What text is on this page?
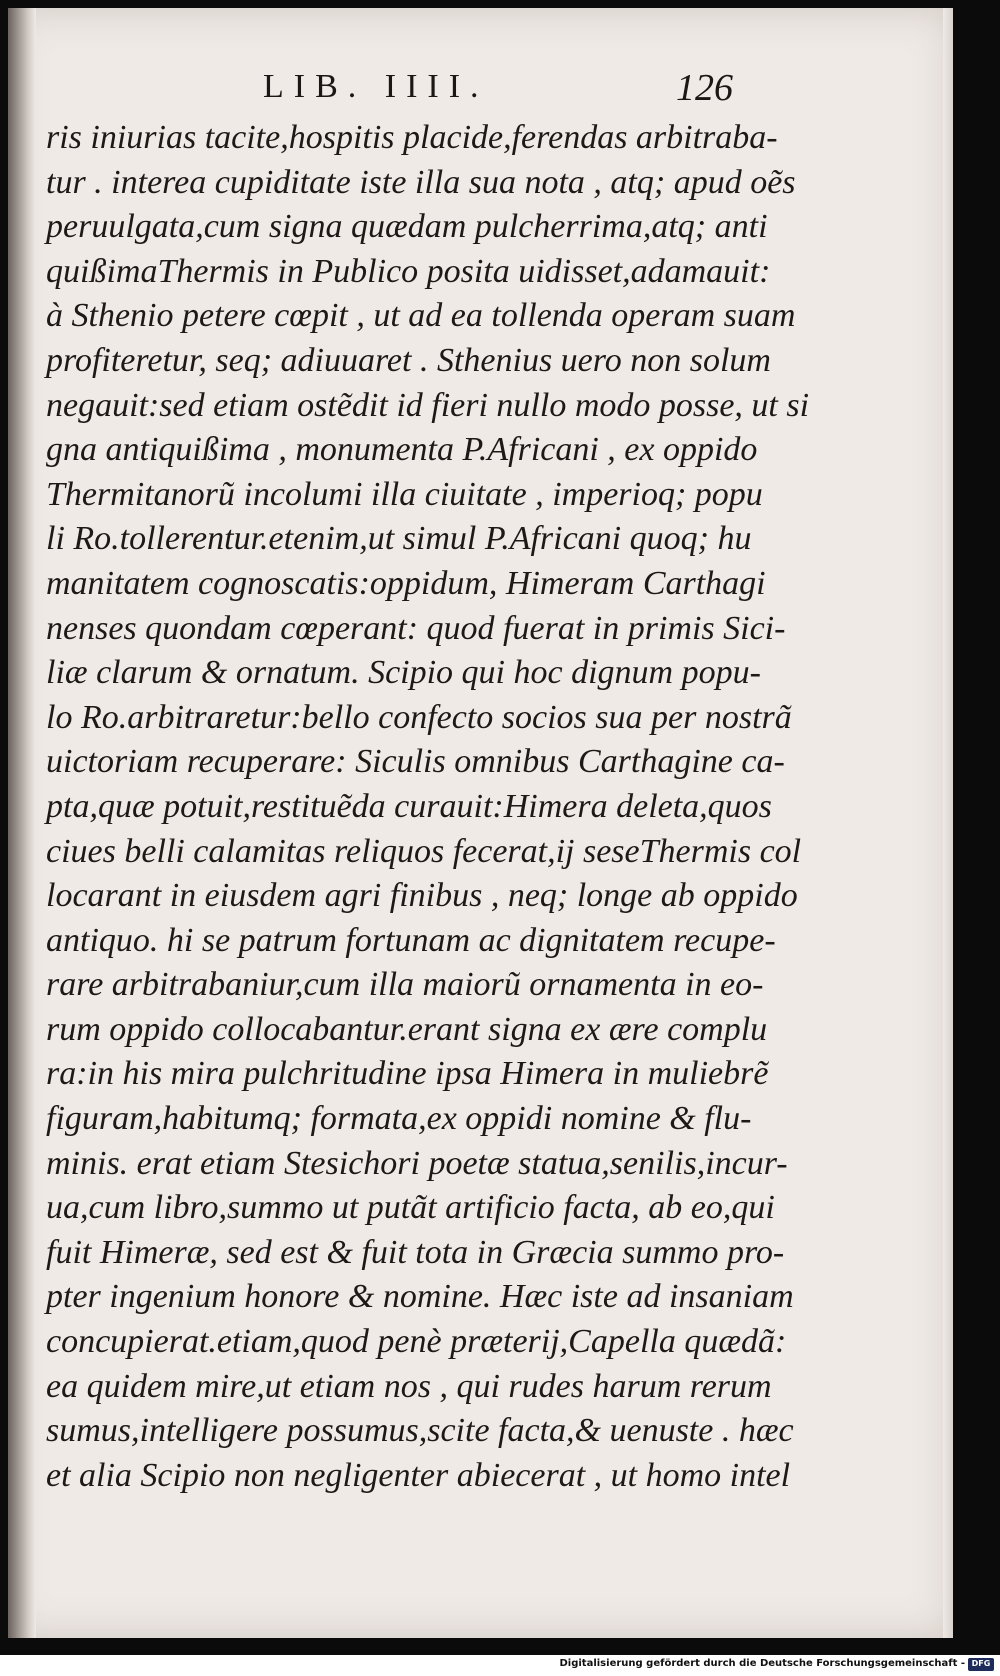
LIB. IIII.	126
ris iniurias tacite,hospitis placide,ferendas arbitraba-
tur . interea cupiditate iste illa sua nota , atq; apud oẽs
peruulgata,cum signa quædam pulcherrima,atq; anti
quißimaThermis in Publico posita uidisset,adamauit:
à Sthenio petere cœpit , ut ad ea tollenda operam suam
profiteretur, seq; adiuuaret . Sthenius uero non solum
negauit:sed etiam ostẽdit id fieri nullo modo posse, ut si
gna antiquißima , monumenta P.Africani , ex oppido
Thermitanorũ incolumi illa ciuitate , imperioq; popu
li Ro.tollerentur.etenim,ut simul P.Africani quoq; hu
manitatem cognoscatis:oppidum, Himeram Carthagi
nenses quondam cœperant: quod fuerat in primis Sici-
liæ clarum & ornatum. Scipio qui hoc dignum popu-
lo Ro.arbitraretur:bello confecto socios sua per nostrã
uictoriam recuperare: Siculis omnibus Carthagine ca-
pta,quæ potuit,restituẽda curauit:Himera deleta,quos
ciues belli calamitas reliquos fecerat,ij seseThermis col
locarant in eiusdem agri finibus , neq; longe ab oppido
antiquo. hi se patrum fortunam ac dignitatem recupe-
rare arbitrabaniur,cum illa maiorũ ornamenta in eo-
rum oppido collocabantur.erant signa ex ære complu
ra:in his mira pulchritudine ipsa Himera in muliebrẽ
figuram,habitumq; formata,ex oppidi nomine & flu-
minis. erat etiam Stesichori poetæ statua,senilis,incur-
ua,cum libro,summo ut putãt artificio facta, ab eo,qui
fuit Himeræ, sed est & fuit tota in Græcia summo pro-
pter ingenium honore & nomine. Hæc iste ad insaniam
concupierat.etiam,quod penè præterij,Capella quædã:
ea quidem mire,ut etiam nos , qui rudes harum rerum
sumus,intelligere possumus,scite facta,& uenuste . hæc
et alia Scipio non negligenter abiecerat , ut homo intel
Digitalisierung gefördert durch die Deutsche Forschungsgemeinschaft - DFG
